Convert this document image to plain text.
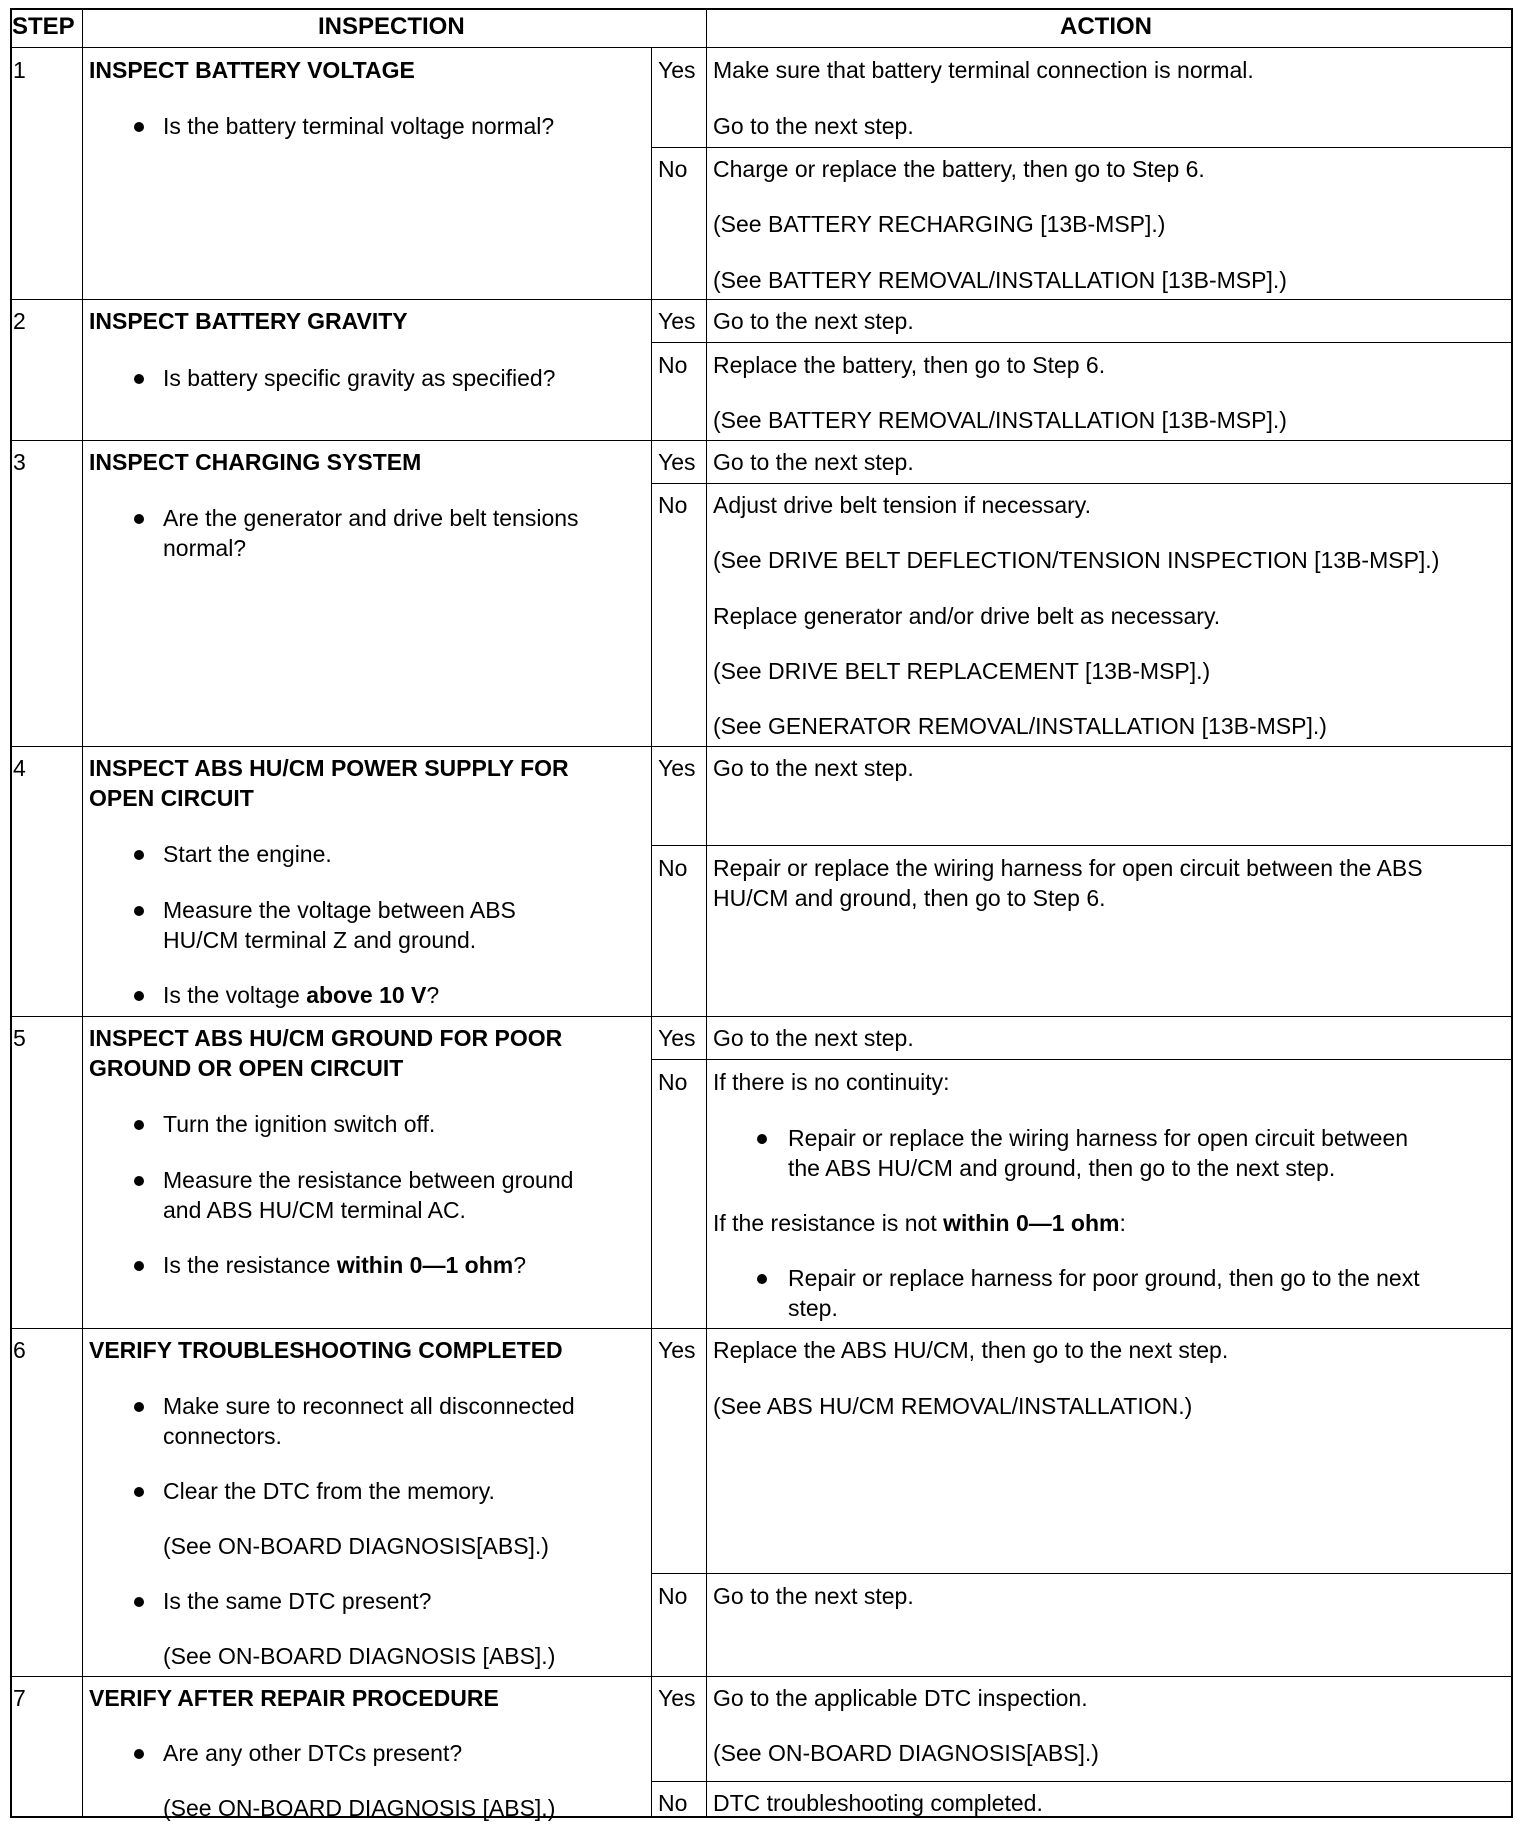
STEP	INSPECTION	ACTION
1	INSPECT BATTERY VOLTAGE
Is the battery terminal voltage normal?
Yes Make sure that battery terminal connection is normal.
Go to the next step.
No Charge or replace the battery, then go to Step 6.
(See BATTERY RECHARGING [13B-MSP].)
(See BATTERY REMOVAL/INSTALLATION [13B-MSP].)
2	INSPECT BATTERY GRAVITY
Is battery specific gravity as specified?
Yes Go to the next step.
No Replace the battery, then go to Step 6.
(See BATTERY REMOVAL/INSTALLATION [13B-MSP].)
3	INSPECT CHARGING SYSTEM
Are the generator and drive belt tensions
normal?
Yes Go to the next step.
No Adjust drive belt tension if necessary.
(See DRIVE BELT DEFLECTION/TENSION INSPECTION [13B-MSP].)
Replace generator and/or drive belt as necessary.
(See DRIVE BELT REPLACEMENT [13B-MSP].)
(See GENERATOR REMOVAL/INSTALLATION [13B-MSP].)
4	INSPECT ABS HU/CM POWER SUPPLY FOR
OPEN CIRCUIT
Start the engine.
Measure the voltage between ABS
HU/CM terminal Z and ground.
Is the voltage above 10 V?
Yes Go to the next step.
No Repair or replace the wiring harness for open circuit between the ABS
HU/CM and ground, then go to Step 6.
5	INSPECT ABS HU/CM GROUND FOR POOR
GROUND OR OPEN CIRCUIT
Turn the ignition switch off.
Measure the resistance between ground
and ABS HU/CM terminal AC.
Is the resistance within 0—1 ohm?
Yes Go to the next step.
No If there is no continuity:
Repair or replace the wiring harness for open circuit between
the ABS HU/CM and ground, then go to the next step.
If the resistance is not within 0—1 ohm:
Repair or replace harness for poor ground, then go to the next
step.
6	VERIFY TROUBLESHOOTING COMPLETED
Make sure to reconnect all disconnected
connectors.
Clear the DTC from the memory.
(See ON-BOARD DIAGNOSIS[ABS].)
Is the same DTC present?
(See ON-BOARD DIAGNOSIS [ABS].)
Yes Replace the ABS HU/CM, then go to the next step.
(See ABS HU/CM REMOVAL/INSTALLATION.)
No Go to the next step.
7	VERIFY AFTER REPAIR PROCEDURE
Are any other DTCs present?
(See ON-BOARD DIAGNOSIS [ABS].)
Yes Go to the applicable DTC inspection.
(See ON-BOARD DIAGNOSIS[ABS].)
No DTC troubleshooting completed.
